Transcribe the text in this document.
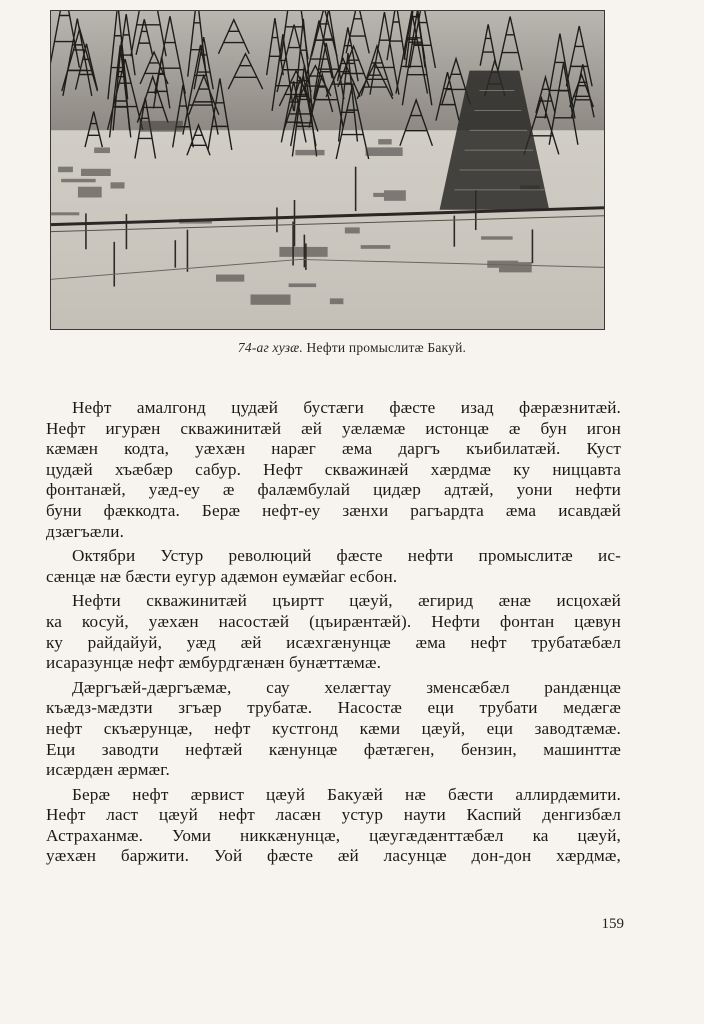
74-аг хузæ. Нефти промыслитæ Бакуй.
Нефт амалгонд цудæй бустæги фæсте изад фæрæзнитæй.
Нефт игурæн скважинитæй æй уæлæмæ истонцæ æ бун игон
кæмæн кодта, уæхæн нарæг æма даргъ къибилатæй. Куст
цудæй хъæбæр сабур. Нефт скважинæй хæрдмæ ку ниццавта
фонтанæй, уæд-еу æ фалæмбулай цидæр адтæй, уони нефти
буни фæккодта. Берæ нефт-еу зæнхи рагъардта æма исавдæй
дзæгъæли.
Октябри Устур революций фæсте нефти промыслитæ ис-
сæнцæ нæ бæсти еугур адæмон еумæйаг есбон.
Нефти скважинитæй цъиртт цæуй, æгирид æнæ исцохæй
ка косуй, уæхæн насостæй (цъирæнтæй). Нефти фонтан цæвун
ку райдайуй, уæд æй исæхгæнунцæ æма нефт трубатæбæл
исаразунцæ нефт æмбурдгæнæн бунæттæмæ.
Дæргъæй-дæргъæмæ, сау хелæгтау зменсæбæл рандæнцæ
къæдз-мæдзти згъæр трубатæ. Насостæ еци трубати медæгæ
нефт скъæрунцæ, нефт кустгонд кæми цæуй, еци заводтæмæ.
Еци заводти нефтæй кæнунцæ фæтæген, бензин, машинттæ
исæрдæн æрмæг.
Берæ нефт æрвист цæуй Бакуæй нæ бæсти аллирдæмити.
Нефт ласт цæуй нефт ласæн устур наути Каспий денгизбæл
Астраханмæ. Уоми никкæнунцæ, цæугæдæнттæбæл ка цæуй,
уæхæн баржити. Уой фæсте æй ласунцæ дон-дон хæрдмæ,
159
